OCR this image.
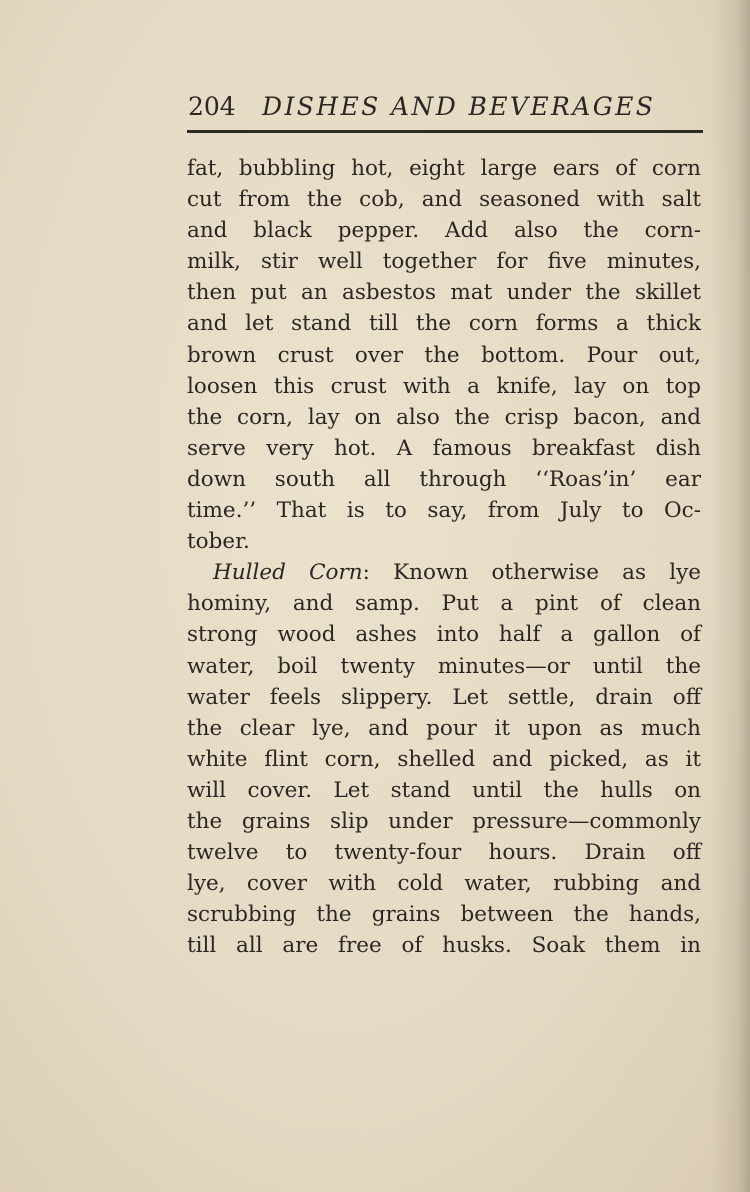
204 DISHES AND BEVERAGES
fat, bubbling hot, eight large ears of corn
cut from the cob, and seasoned with salt
and black pepper. Add also the corn-
milk, stir well together for five minutes,
then put an asbestos mat under the skillet
and let stand till the corn forms a thick
brown crust over the bottom. Pour out,
loosen this crust with a knife, lay on top
the corn, lay on also the crisp bacon, and
serve very hot. A famous breakfast dish
down south all through ‘‘Roas’in’ ear
time.’’ That is to say, from July to Oc-
tober.
Hulled Corn: Known otherwise as lye
hominy, and samp. Put a pint of clean
strong wood ashes into half a gallon of
water, boil twenty minutes—or until the
water feels slippery. Let settle, drain off
the clear lye, and pour it upon as much
white flint corn, shelled and picked, as it
will cover. Let stand until the hulls on
the grains slip under pressure—commonly
twelve to twenty-four hours. Drain off
lye, cover with cold water, rubbing and
scrubbing the grains between the hands,
till all are free of husks. Soak them in
